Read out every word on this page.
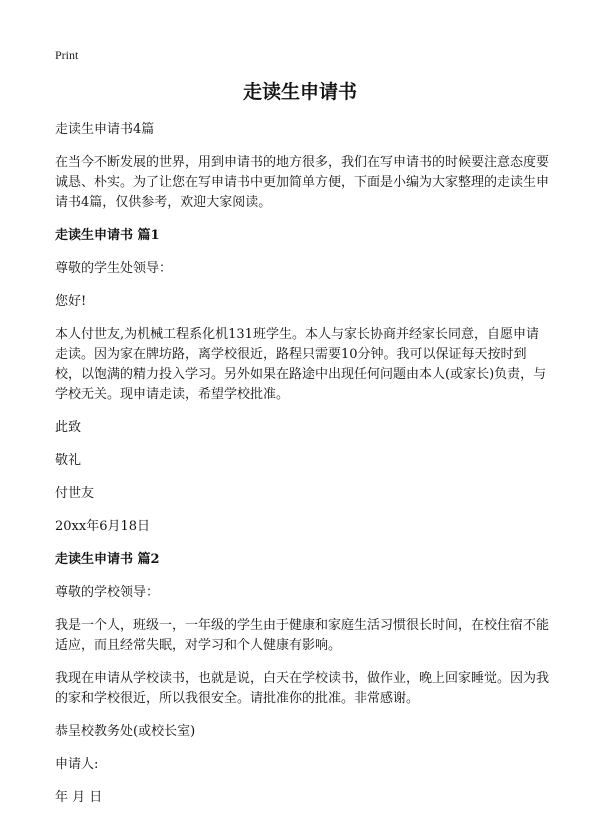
Print
走读生申请书

走读生申请书4篇

在当今不断发展的世界，用到申请书的地方很多，我们在写申请书的时候要注意态度要诚恳、朴实。为了让您在写申请书中更加简单方便，下面是小编为大家整理的走读生申请书4篇，仅供参考，欢迎大家阅读。

走读生申请书 篇1

尊敬的学生处领导：

您好!

本人付世友,为机械工程系化机131班学生。本人与家长协商并经家长同意，自愿申请走读。因为家在牌坊路，离学校很近，路程只需要10分钟。我可以保证每天按时到校，以饱满的精力投入学习。另外如果在路途中出现任何问题由本人(或家长)负责，与学校无关。现申请走读，希望学校批准。

此致

敬礼

付世友

20xx年6月18日

走读生申请书 篇2

尊敬的学校领导：

我是一个人，班级一，一年级的学生由于健康和家庭生活习惯很长时间，在校住宿不能适应，而且经常失眠，对学习和个人健康有影响。

我现在申请从学校读书，也就是说，白天在学校读书，做作业，晚上回家睡觉。因为我的家和学校很近，所以我很安全。请批准你的批准。非常感谢。

恭呈校教务处(或校长室)

申请人:

年 月 日
